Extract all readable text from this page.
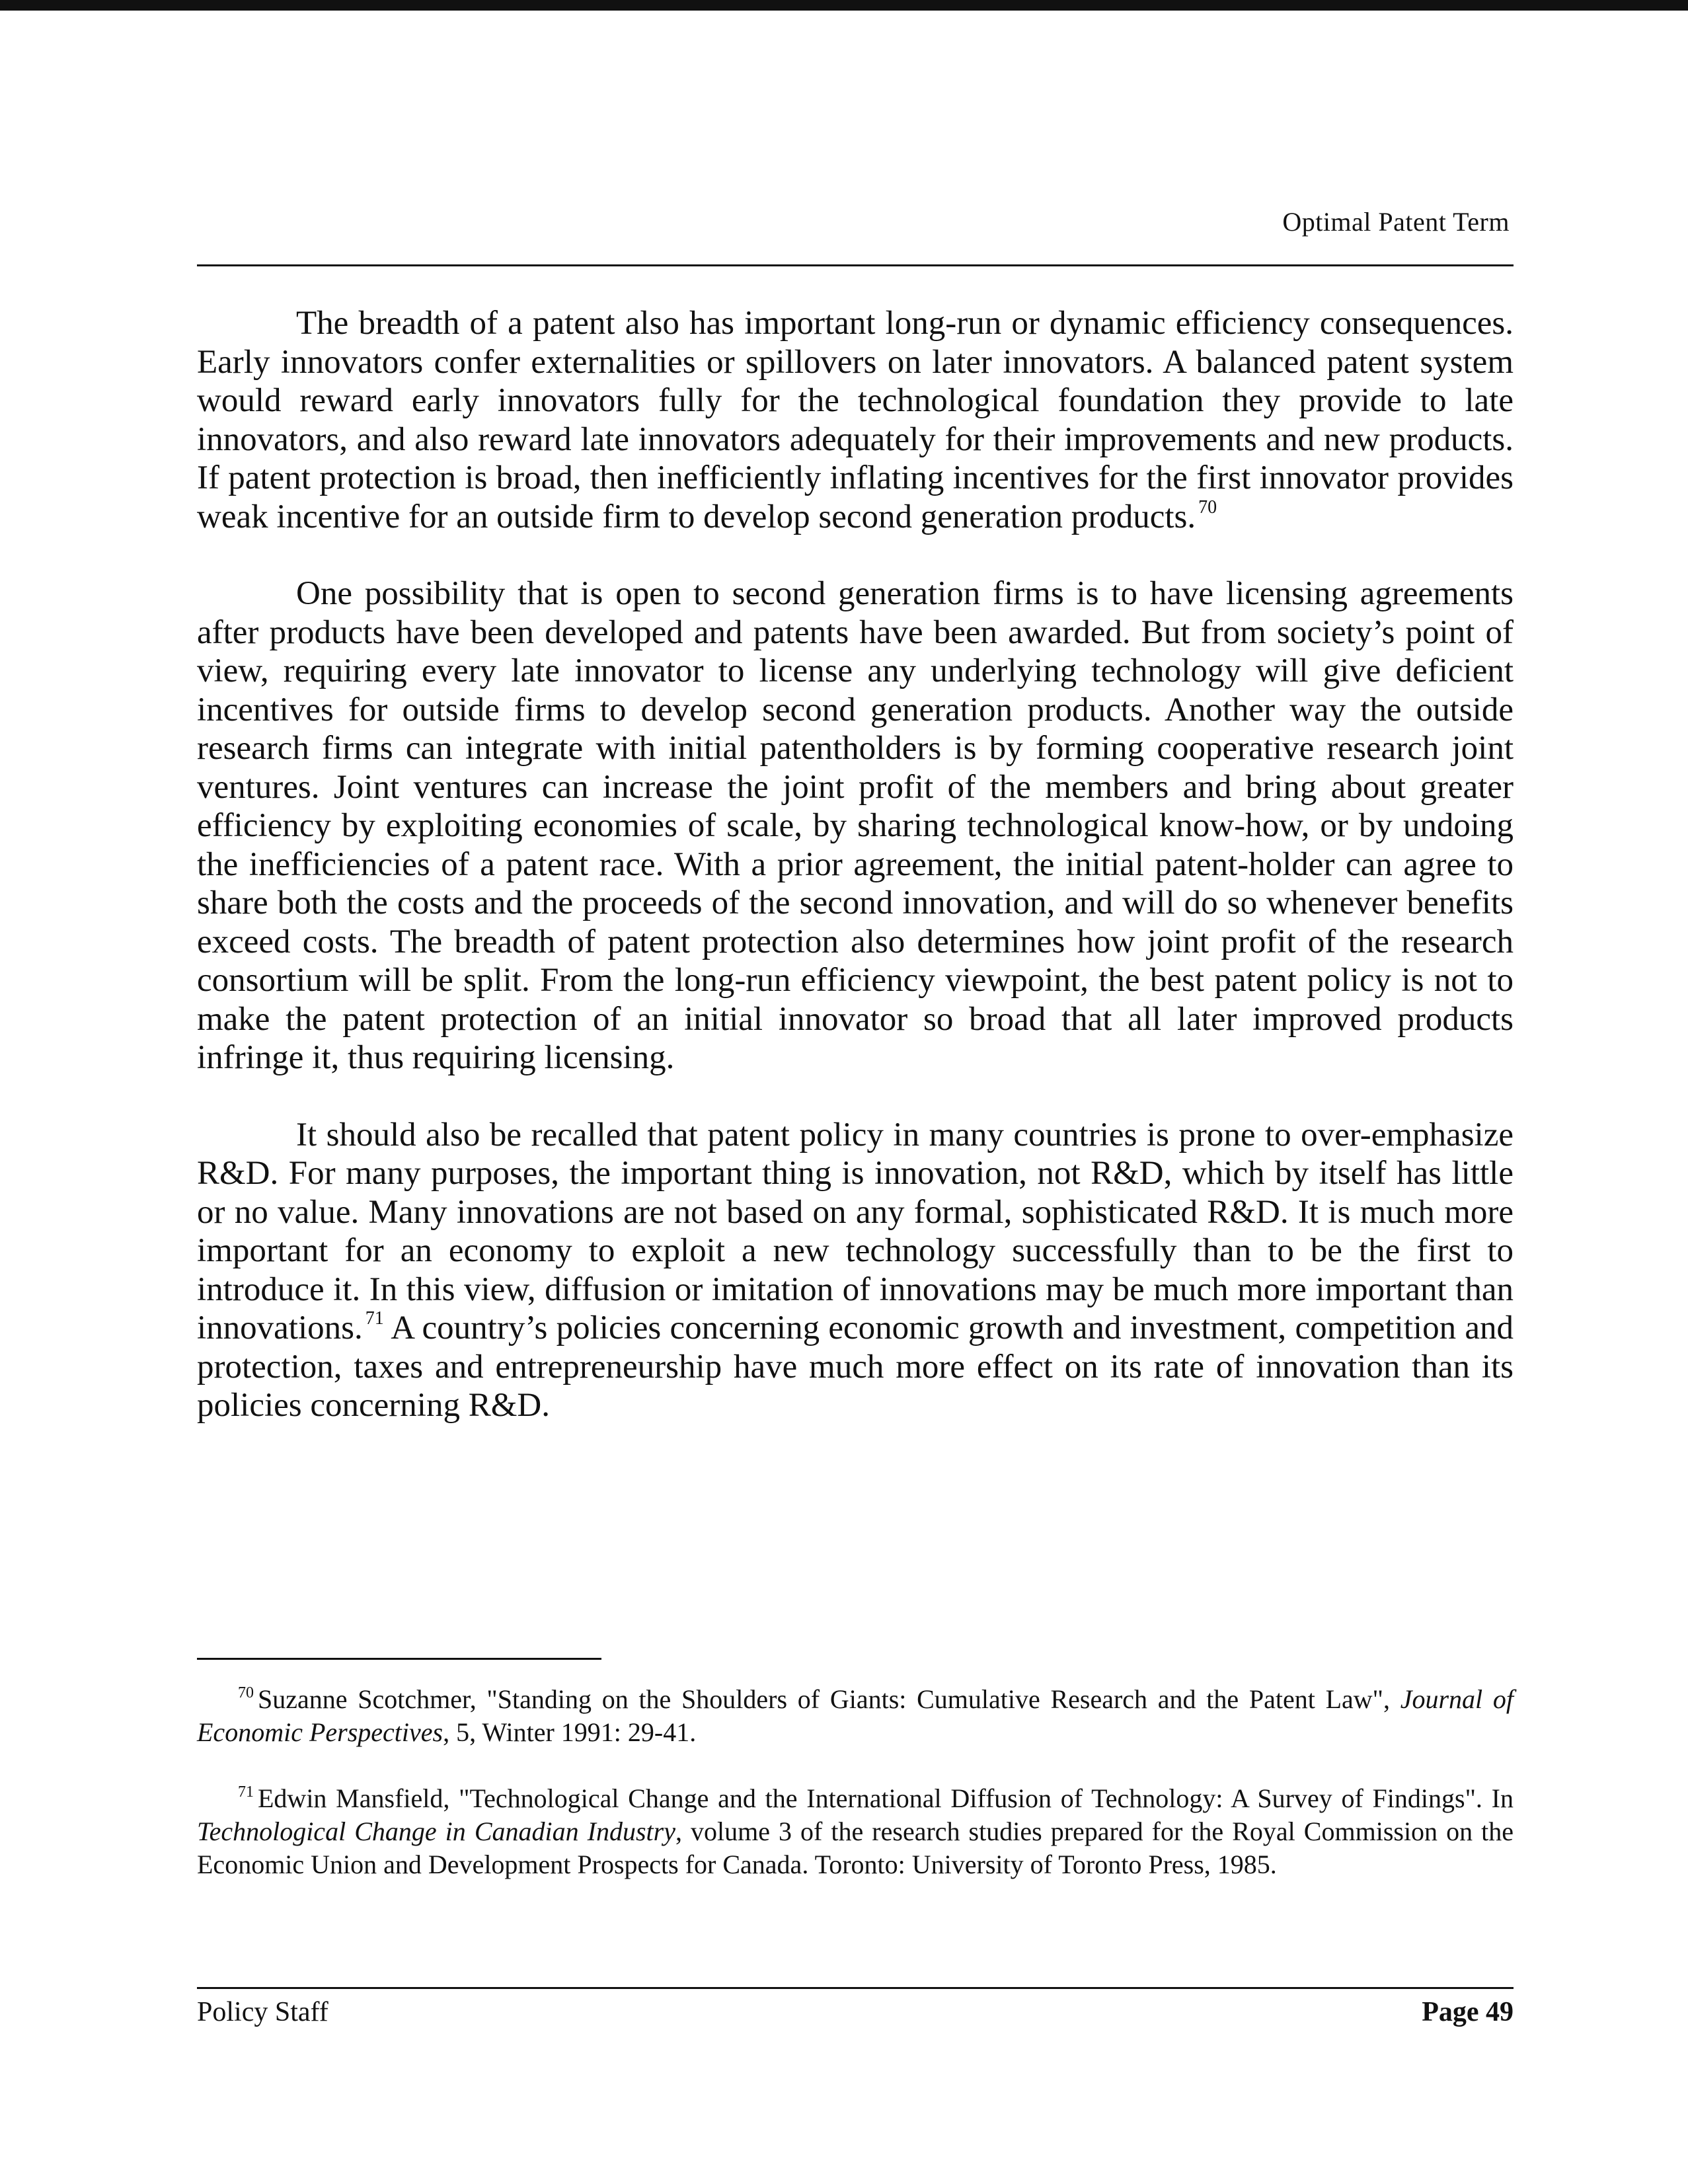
Optimal Patent Term

The breadth of a patent also has important long-run or dynamic efficiency consequences. Early innovators confer externalities or spillovers on later innovators. A balanced patent system would reward early innovators fully for the technological foundation they provide to late innovators, and also reward late innovators adequately for their improvements and new products. If patent protection is broad, then inefficiently inflating incentives for the first innovator provides weak incentive for an outside firm to develop second generation products. $^{70}$

One possibility that is open to second generation firms is to have licensing agreements after products have been developed and patents have been awarded. But from society’s point of view, requiring every late innovator to license any underlying technology will give deficient incentives for outside firms to develop second generation products. Another way the outside research firms can integrate with initial patentholders is by forming cooperative research joint ventures. Joint ventures can increase the joint profit of the members and bring about greater efficiency by exploiting economies of scale, by sharing technological know-how, or by undoing the inefficiencies of a patent race. With a prior agreement, the initial patent-holder can agree to share both the costs and the proceeds of the second innovation, and will do so whenever benefits exceed costs. The breadth of patent protection also determines how joint profit of the research consortium will be split. From the long-run efficiency viewpoint, the best patent policy is not to make the patent protection of an initial innovator so broad that all later improved products infringe it, thus requiring licensing.

It should also be recalled that patent policy in many countries is prone to over-emphasize R&D. For many purposes, the important thing is innovation, not R&D, which by itself has little or no value. Many innovations are not based on any formal, sophisticated R&D. It is much more important for an economy to exploit a new technology successfully than to be the first to introduce it. In this view, diffusion or imitation of innovations may be much more important than innovations. $^{71}$ A country’s policies concerning economic growth and investment, competition and protection, taxes and entrepreneurship have much more effect on its rate of innovation than its policies concerning R&D.

$^{70}$ Suzanne Scotchmer, "Standing on the Shoulders of Giants: Cumulative Research and the Patent Law", Journal of Economic Perspectives, 5, Winter 1991: 29-41.

$^{71}$ Edwin Mansfield, "Technological Change and the International Diffusion of Technology: A Survey of Findings". In Technological Change in Canadian Industry, volume 3 of the research studies prepared for the Royal Commission on the Economic Union and Development Prospects for Canada. Toronto: University of Toronto Press, 1985.

Policy Staff	Page 49
